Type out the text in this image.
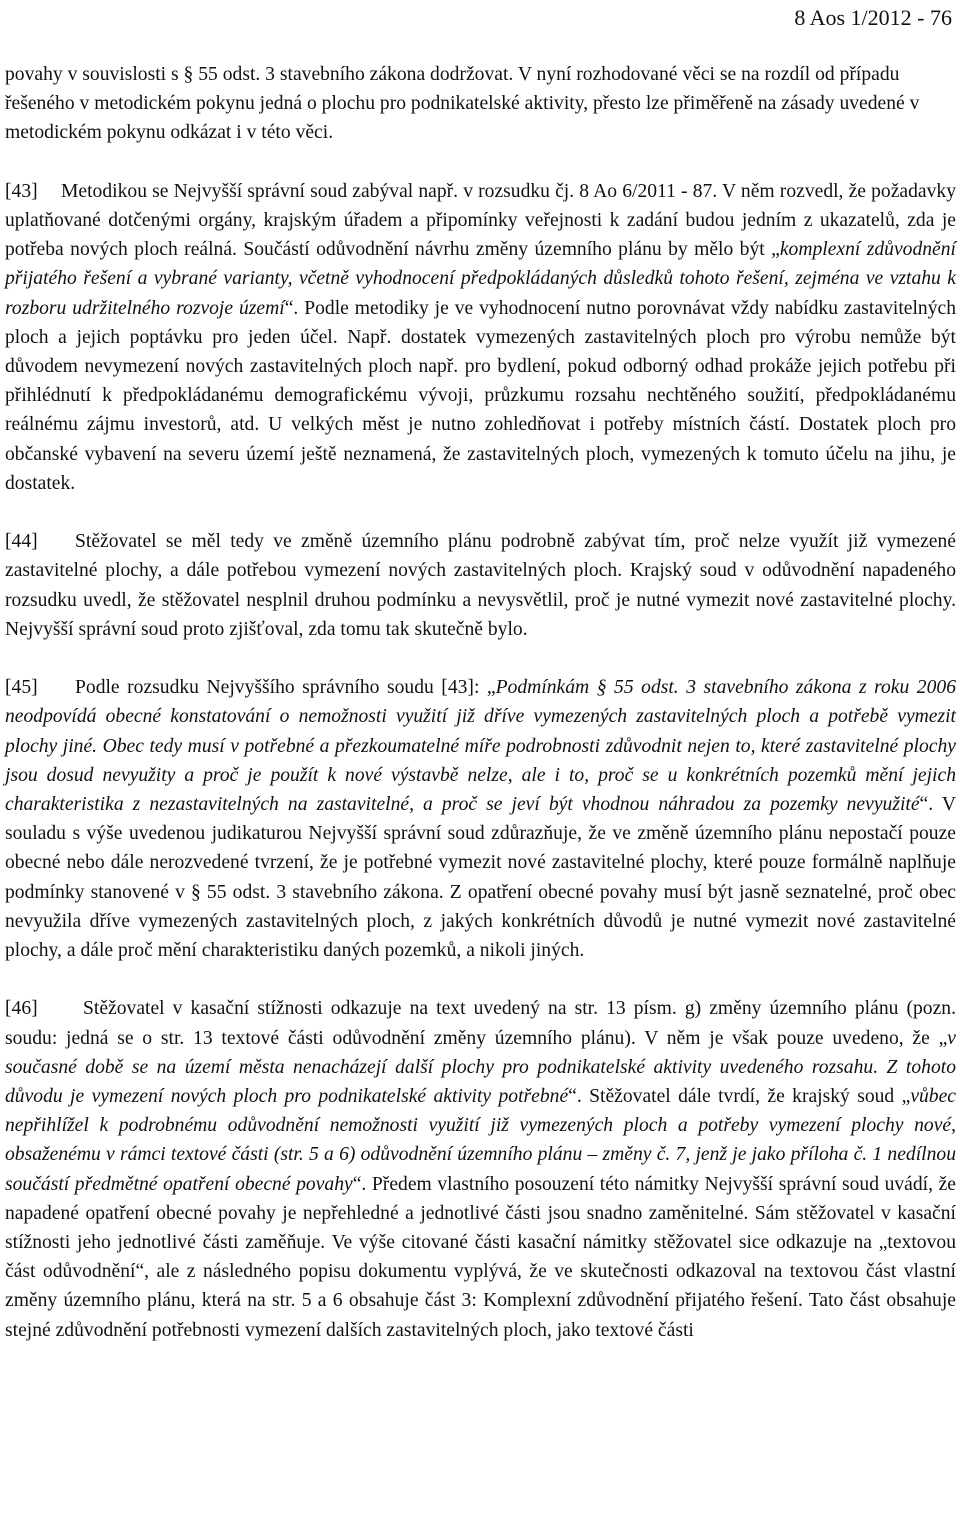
8 Aos 1/2012 - 76

povahy v souvislosti s § 55 odst. 3 stavebního zákona dodržovat. V nyní rozhodované věci se na rozdíl od případu řešeného v metodickém pokynu jedná o plochu pro podnikatelské aktivity, přesto lze přiměřeně na zásady uvedené v metodickém pokynu odkázat i v této věci.

[43] Metodikou se Nejvyšší správní soud zabýval např. v rozsudku čj. 8 Ao 6/2011 - 87. V něm rozvedl, že požadavky uplatňované dotčenými orgány, krajským úřadem a připomínky veřejnosti k zadání budou jedním z ukazatelů, zda je potřeba nových ploch reálná. Součástí odůvodnění návrhu změny územního plánu by mělo být „komplexní zdůvodnění přijatého řešení a vybrané varianty, včetně vyhodnocení předpokládaných důsledků tohoto řešení, zejména ve vztahu k rozboru udržitelného rozvoje území“. Podle metodiky je ve vyhodnocení nutno porovnávat vždy nabídku zastavitelných ploch a jejich poptávku pro jeden účel. Např. dostatek vymezených zastavitelných ploch pro výrobu nemůže být důvodem nevymezení nových zastavitelných ploch např. pro bydlení, pokud odborný odhad prokáže jejich potřebu při přihlédnutí k předpokládanému demografickému vývoji, průzkumu rozsahu nechtěného soužití, předpokládanému reálnému zájmu investorů, atd. U velkých měst je nutno zohledňovat i potřeby místních částí. Dostatek ploch pro občanské vybavení na severu území ještě neznamená, že zastavitelných ploch, vymezených k tomuto účelu na jihu, je dostatek.

[44] Stěžovatel se měl tedy ve změně územního plánu podrobně zabývat tím, proč nelze využít již vymezené zastavitelné plochy, a dále potřebou vymezení nových zastavitelných ploch. Krajský soud v odůvodnění napadeného rozsudku uvedl, že stěžovatel nesplnil druhou podmínku a nevysvětlil, proč je nutné vymezit nové zastavitelné plochy. Nejvyšší správní soud proto zjišťoval, zda tomu tak skutečně bylo.

[45] Podle rozsudku Nejvyššího správního soudu [43]: „Podmínkám § 55 odst. 3 stavebního zákona z roku 2006 neodpovídá obecné konstatování o nemožnosti využití již dříve vymezených zastavitelných ploch a potřebě vymezit plochy jiné. Obec tedy musí v potřebné a přezkoumatelné míře podrobnosti zdůvodnit nejen to, které zastavitelné plochy jsou dosud nevyužity a proč je použít k nové výstavbě nelze, ale i to, proč se u konkrétních pozemků mění jejich charakteristika z nezastavitelných na zastavitelné, a proč se jeví být vhodnou náhradou za pozemky nevyužité“. V souladu s výše uvedenou judikaturou Nejvyšší správní soud zdůrazňuje, že ve změně územního plánu nepostačí pouze obecné nebo dále nerozvedené tvrzení, že je potřebné vymezit nové zastavitelné plochy, které pouze formálně naplňuje podmínky stanovené v § 55 odst. 3 stavebního zákona. Z opatření obecné povahy musí být jasně seznatelné, proč obec nevyužila dříve vymezených zastavitelných ploch, z jakých konkrétních důvodů je nutné vymezit nové zastavitelné plochy, a dále proč mění charakteristiku daných pozemků, a nikoli jiných.

[46] Stěžovatel v kasační stížnosti odkazuje na text uvedený na str. 13 písm. g) změny územního plánu (pozn. soudu: jedná se o str. 13 textové části odůvodnění změny územního plánu). V něm je však pouze uvedeno, že „v současné době se na území města nenacházejí další plochy pro podnikatelské aktivity uvedeného rozsahu. Z tohoto důvodu je vymezení nových ploch pro podnikatelské aktivity potřebné“. Stěžovatel dále tvrdí, že krajský soud „vůbec nepřihlížel k podrobnému odůvodnění nemožnosti využití již vymezených ploch a potřeby vymezení plochy nové, obsaženému v rámci textové části (str. 5 a 6) odůvodnění územního plánu – změny č. 7, jenž je jako příloha č. 1 nedílnou součástí předmětné opatření obecné povahy“. Předem vlastního posouzení této námitky Nejvyšší správní soud uvádí, že napadené opatření obecné povahy je nepřehledné a jednotlivé části jsou snadno zaměnitelné. Sám stěžovatel v kasační stížnosti jeho jednotlivé části zaměňuje. Ve výše citované části kasační námitky stěžovatel sice odkazuje na „textovou část odůvodnění“, ale z následného popisu dokumentu vyplývá, že ve skutečnosti odkazoval na textovou část vlastní změny územního plánu, která na str. 5 a 6 obsahuje část 3: Komplexní zdůvodnění přijatého řešení. Tato část obsahuje stejné zdůvodnění potřebnosti vymezení dalších zastavitelných ploch, jako textové části
